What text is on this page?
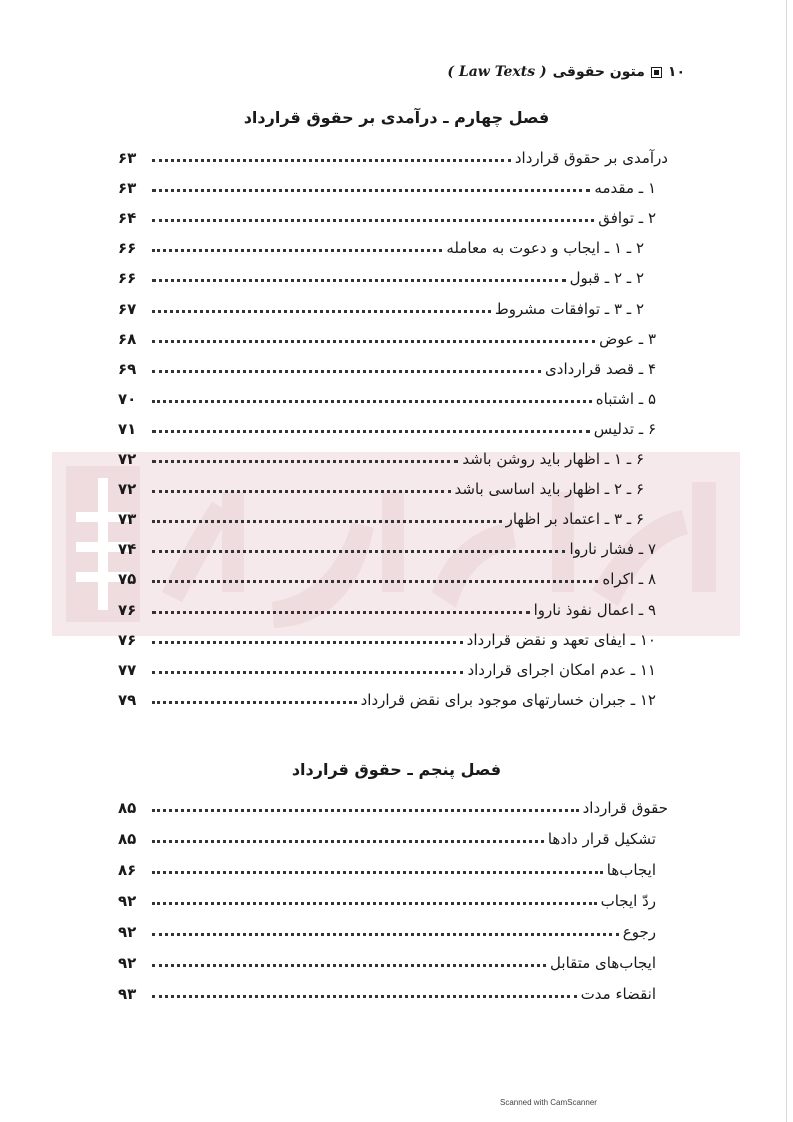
۱۰
متون حقوقی
( Law Texts )
فصل چهارم ـ درآمدی بر حقوق قرارداد
درآمدی بر حقوق قرارداد
۶۳
۱ ـ مقدمه
۶۳
۲ ـ توافق
۶۴
۲ ـ ۱ ـ ایجاب و دعوت به معامله
۶۶
۲ ـ ۲ ـ قبول
۶۶
۲ ـ ۳ ـ توافقات مشروط
۶۷
۳ ـ عوض
۶۸
۴ ـ قصد قراردادی
۶۹
۵ ـ اشتباه
۷۰
۶ ـ تدلیس
۷۱
۶ ـ ۱ ـ اظهار باید روشن باشد
۷۲
۶ ـ ۲ ـ اظهار باید اساسی باشد
۷۲
۶ ـ ۳ ـ اعتماد بر اظهار
۷۳
۷ ـ فشار ناروا
۷۴
۸ ـ اکراه
۷۵
۹ ـ اعمال نفوذ ناروا
۷۶
۱۰ ـ ایفای تعهد و نقض قرارداد
۷۶
۱۱ ـ عدم امکان اجرای قرارداد
۷۷
۱۲ ـ جبران خسارتهای موجود برای نقض قرارداد
۷۹
فصل پنجم ـ حقوق قرارداد
حقوق قرارداد
۸۵
تشکیل قرار دادها
۸۵
ایجاب‌ها
۸۶
ردّ ایجاب
۹۲
رجوع
۹۲
ایجاب‌های متقابل
۹۲
انقضاء مدت
۹۳
Scanned with CamScanner
